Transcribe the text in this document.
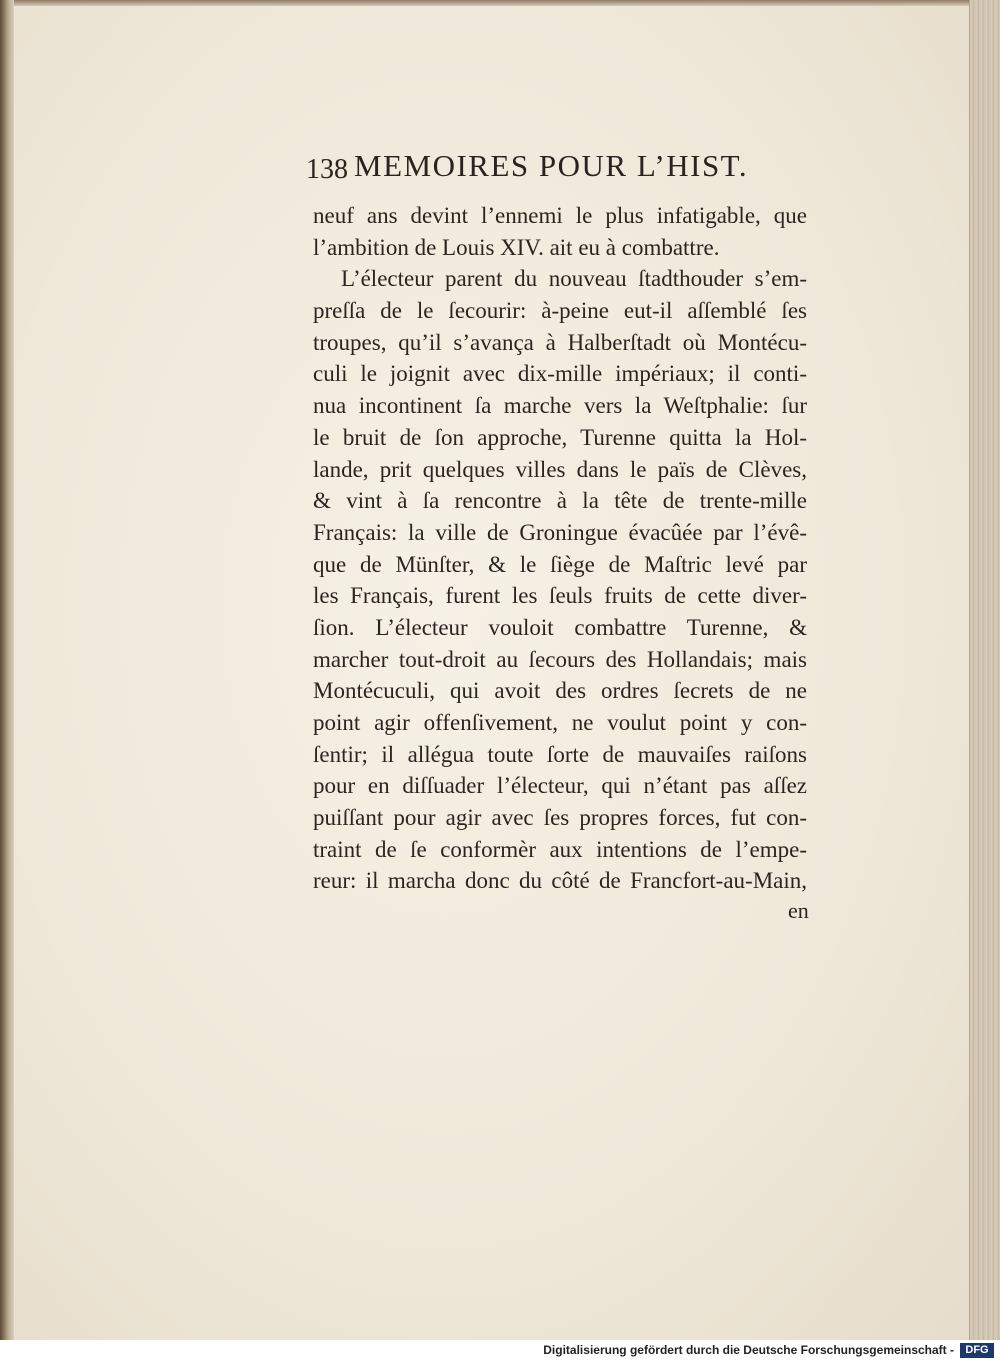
138 MEMOIRES POUR L’HIST.
neuf ans devint l’ennemi le plus infatigable, que
l’ambition de Louis XIV. ait eu à combattre.
L’électeur parent du nouveau ſtadthouder s’em-
preſſa de le ſecourir: à-peine eut-il aſſemblé ſes
troupes, qu’il s’avança à Halberſtadt où Montécu-
culi le joignit avec dix-mille impériaux; il conti-
nua incontinent ſa marche vers la Weſtphalie: ſur
le bruit de ſon approche, Turenne quitta la Hol-
lande, prit quelques villes dans le païs de Clèves,
& vint à ſa rencontre à la tête de trente-mille
Français: la ville de Groningue évacûée par l’évê-
que de Münſter, & le ſiège de Maſtric levé par
les Français, furent les ſeuls fruits de cette diver-
ſion. L’électeur vouloit combattre Turenne, &
marcher tout-droit au ſecours des Hollandais; mais
Montécuculi, qui avoit des ordres ſecrets de ne
point agir offenſivement, ne voulut point y con-
ſentir; il allégua toute ſorte de mauvaiſes raiſons
pour en diſſuader l’électeur, qui n’étant pas aſſez
puiſſant pour agir avec ſes propres forces, fut con-
traint de ſe conformèr aux intentions de l’empe-
reur: il marcha donc du côté de Francfort-au-Main,
en
Digitalisierung gefördert durch die Deutsche Forschungsgemeinschaft -	DFG
